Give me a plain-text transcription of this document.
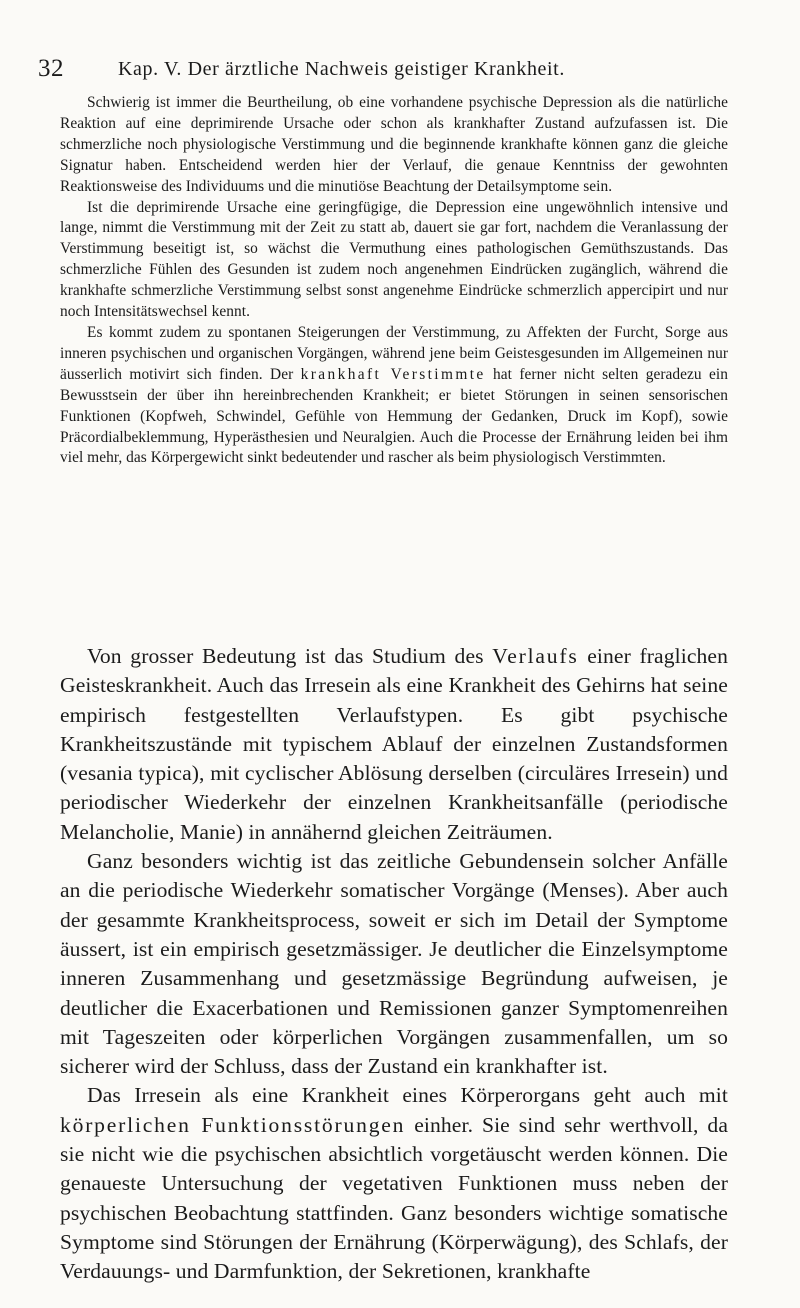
32	Kap. V. Der ärztliche Nachweis geistiger Krankheit.

Schwierig ist immer die Beurtheilung, ob eine vorhandene psychische Depression als die natürliche Reaktion auf eine deprimirende Ursache oder schon als krankhafter Zustand aufzufassen ist. Die schmerzliche noch physiologische Verstimmung und die beginnende krankhafte können ganz die gleiche Signatur haben. Entscheidend werden hier der Verlauf, die genaue Kenntniss der gewohnten Reaktionsweise des Individuums und die minutiöse Beachtung der Detailsymptome sein.

Ist die deprimirende Ursache eine geringfügige, die Depression eine ungewöhnlich intensive und lange, nimmt die Verstimmung mit der Zeit zu statt ab, dauert sie gar fort, nachdem die Veranlassung der Verstimmung beseitigt ist, so wächst die Vermuthung eines pathologischen Gemüthszustands. Das schmerzliche Fühlen des Gesunden ist zudem noch angenehmen Eindrücken zugänglich, während die krankhafte schmerzliche Verstimmung selbst sonst angenehme Eindrücke schmerzlich appercipirt und nur noch Intensitätswechsel kennt.

Es kommt zudem zu spontanen Steigerungen der Verstimmung, zu Affekten der Furcht, Sorge aus inneren psychischen und organischen Vorgängen, während jene beim Geistesgesunden im Allgemeinen nur äusserlich motivirt sich finden. Der krankhaft Verstimmte hat ferner nicht selten geradezu ein Bewusstsein der über ihn hereinbrechenden Krankheit; er bietet Störungen in seinen sensorischen Funktionen (Kopfweh, Schwindel, Gefühle von Hemmung der Gedanken, Druck im Kopf), sowie Präcordialbeklemmung, Hyperästhesien und Neuralgien. Auch die Processe der Ernährung leiden bei ihm viel mehr, das Körpergewicht sinkt bedeutender und rascher als beim physiologisch Verstimmten.

Von grosser Bedeutung ist das Studium des Verlaufs einer fraglichen Geisteskrankheit. Auch das Irresein als eine Krankheit des Gehirns hat seine empirisch festgestellten Verlaufstypen. Es gibt psychische Krankheitszustände mit typischem Ablauf der einzelnen Zustandsformen (vesania typica), mit cyclischer Ablösung derselben (circuläres Irresein) und periodischer Wiederkehr der einzelnen Krankheitsanfälle (periodische Melancholie, Manie) in annähernd gleichen Zeiträumen.

Ganz besonders wichtig ist das zeitliche Gebundensein solcher Anfälle an die periodische Wiederkehr somatischer Vorgänge (Menses). Aber auch der gesammte Krankheitsprocess, soweit er sich im Detail der Symptome äussert, ist ein empirisch gesetzmässiger. Je deutlicher die Einzelsymptome inneren Zusammenhang und gesetzmässige Begründung aufweisen, je deutlicher die Exacerbationen und Remissionen ganzer Symptomenreihen mit Tageszeiten oder körperlichen Vorgängen zusammenfallen, um so sicherer wird der Schluss, dass der Zustand ein krankhafter ist.

Das Irresein als eine Krankheit eines Körperorgans geht auch mit körperlichen Funktionsstörungen einher. Sie sind sehr werthvoll, da sie nicht wie die psychischen absichtlich vorgetäuscht werden können. Die genaueste Untersuchung der vegetativen Funktionen muss neben der psychischen Beobachtung stattfinden. Ganz besonders wichtige somatische Symptome sind Störungen der Ernährung (Körperwägung), des Schlafs, der Verdauungs- und Darmfunktion, der Sekretionen, krankhafte
